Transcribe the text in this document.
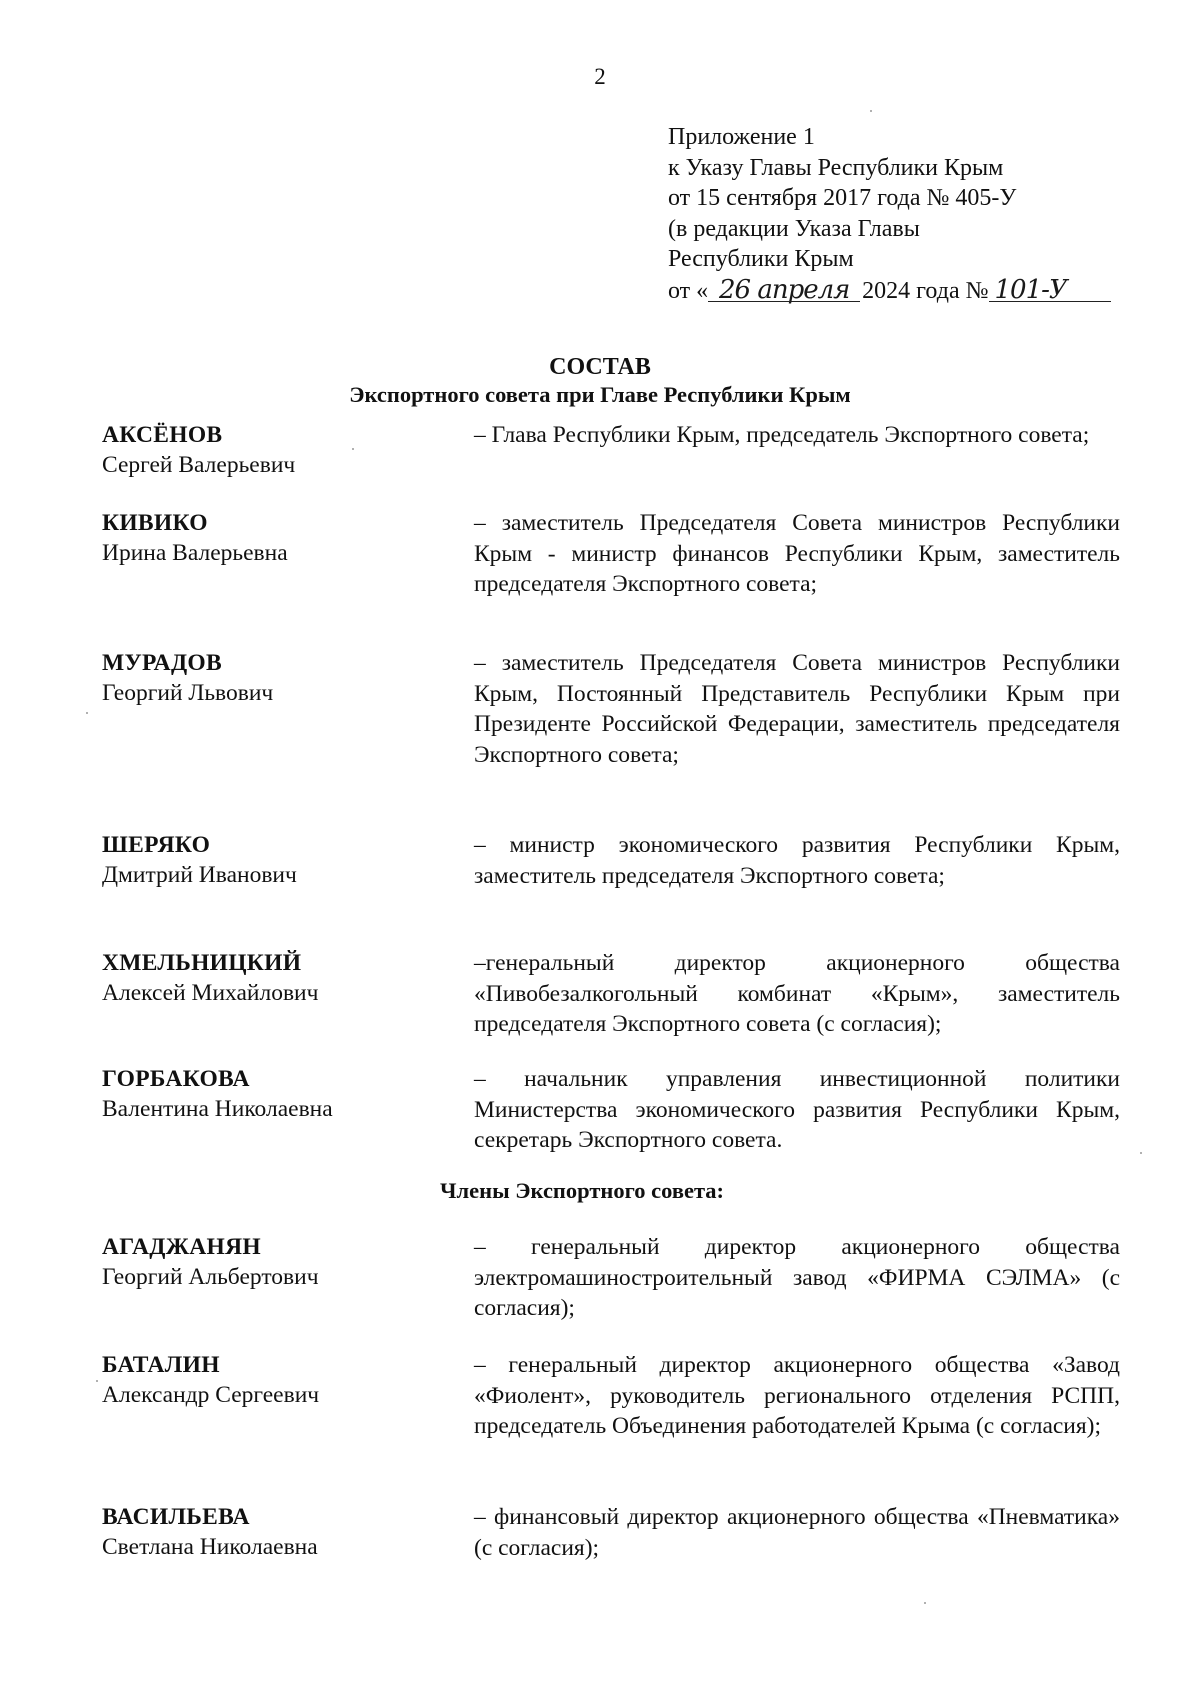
2
Приложение 1
к Указу Главы Республики Крым
от 15 сентября 2017 года № 405-У
(в редакции Указа Главы
Республики Крым
от « 26 апреля 2024 года № 101-У
СОСТАВ
Экспортного совета при Главе Республики Крым
АКСЁНОВ
Сергей Валерьевич
– Глава Республики Крым, председатель Экспортного совета;
КИВИКО
Ирина Валерьевна
– заместитель Председателя Совета министров Республики Крым - министр финансов Республики Крым, заместитель председателя Экспортного совета;
МУРАДОВ
Георгий Львович
– заместитель Председателя Совета министров Республики Крым, Постоянный Представитель Республики Крым при Президенте Российской Федерации, заместитель председателя Экспортного совета;
ШЕРЯКО
Дмитрий Иванович
– министр экономического развития Республики Крым, заместитель председателя Экспортного совета;
ХМЕЛЬНИЦКИЙ
Алексей Михайлович
–генеральный директор акционерного общества «Пивобезалкогольный комбинат «Крым», заместитель председателя Экспортного совета (с согласия);
ГОРБАКОВА
Валентина Николаевна
– начальник управления инвестиционной политики Министерства экономического развития Республики Крым, секретарь Экспортного совета.
Члены Экспортного совета:
АГАДЖАНЯН
Георгий Альбертович
– генеральный директор акционерного общества электромашиностроительный завод «ФИРМА СЭЛМА» (с согласия);
БАТАЛИН
Александр Сергеевич
– генеральный директор акционерного общества «Завод «Фиолент», руководитель регионального отделения РСПП, председатель Объединения работодателей Крыма (с согласия);
ВАСИЛЬЕВА
Светлана Николаевна
– финансовый директор акционерного общества «Пневматика» (с согласия);
